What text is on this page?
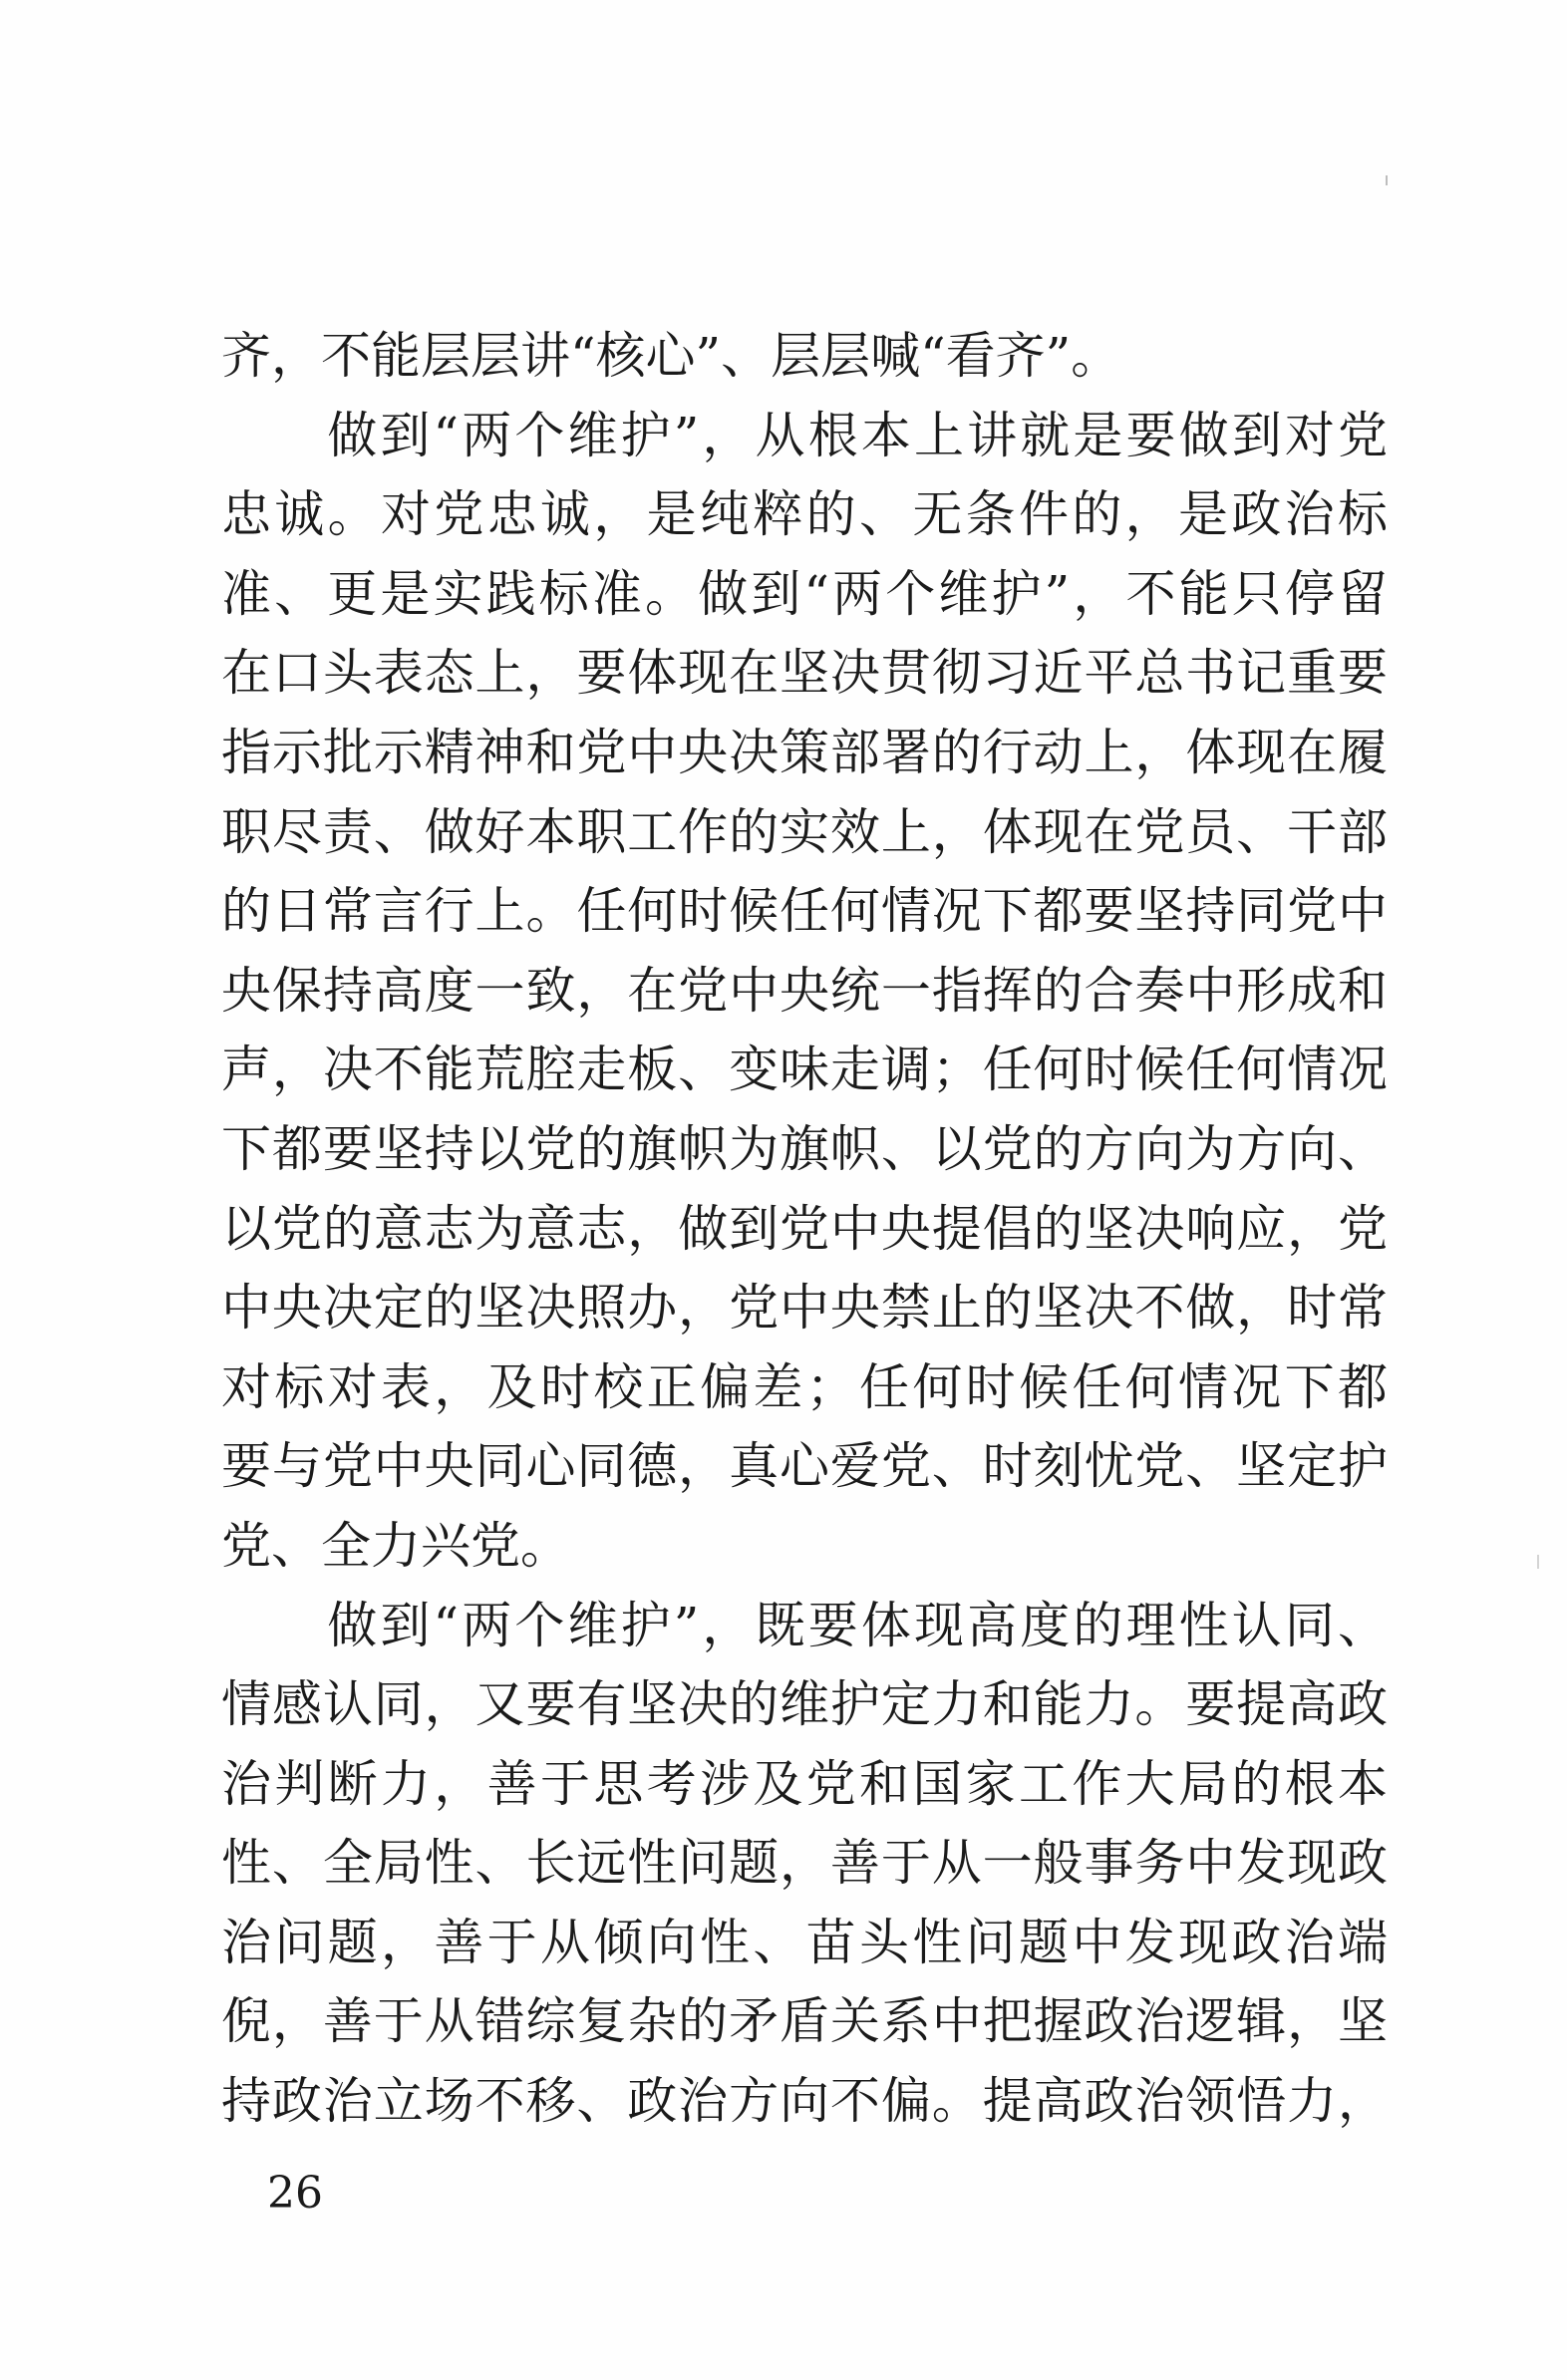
齐，不能层层讲“核心”、层层喊“看齐”。
　　做到“两个维护”，从根本上讲就是要做到对党
忠诚。对党忠诚，是纯粹的、无条件的，是政治标
准、更是实践标准。做到“两个维护”，不能只停留
在口头表态上，要体现在坚决贯彻习近平总书记重要
指示批示精神和党中央决策部署的行动上，体现在履
职尽责、做好本职工作的实效上，体现在党员、干部
的日常言行上。任何时候任何情况下都要坚持同党中
央保持高度一致，在党中央统一指挥的合奏中形成和
声，决不能荒腔走板、变味走调；任何时候任何情况
下都要坚持以党的旗帜为旗帜、以党的方向为方向、
以党的意志为意志，做到党中央提倡的坚决响应，党
中央决定的坚决照办，党中央禁止的坚决不做，时常
对标对表，及时校正偏差；任何时候任何情况下都
要与党中央同心同德，真心爱党、时刻忧党、坚定护
党、全力兴党。
　　做到“两个维护”，既要体现高度的理性认同、
情感认同，又要有坚决的维护定力和能力。要提高政
治判断力，善于思考涉及党和国家工作大局的根本
性、全局性、长远性问题，善于从一般事务中发现政
治问题，善于从倾向性、苗头性问题中发现政治端
倪，善于从错综复杂的矛盾关系中把握政治逻辑，坚
持政治立场不移、政治方向不偏。提高政治领悟力，
26
